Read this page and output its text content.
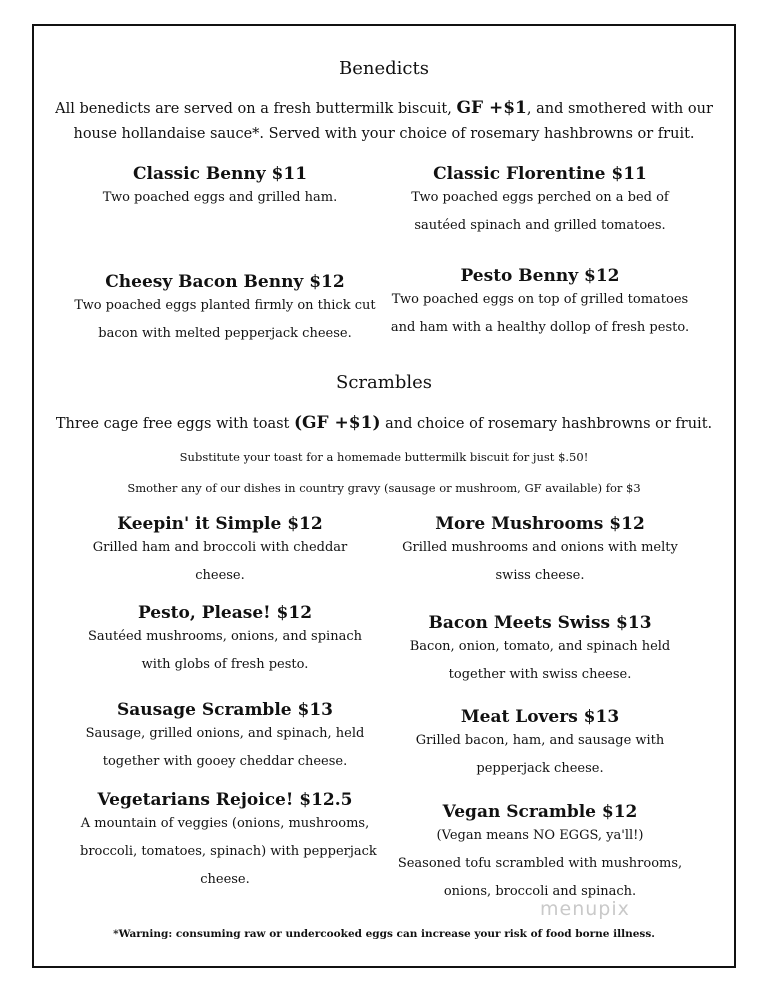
Benedicts
All benedicts are served on a fresh buttermilk biscuit, GF +$1, and smothered with our
house hollandaise sauce*. Served with your choice of rosemary hashbrowns or fruit.
Classic Benny $11
Two poached eggs and grilled ham.
Classic Florentine $11
Two poached eggs perched on a bed of
sautéed spinach and grilled tomatoes.
Cheesy Bacon Benny $12
Two poached eggs planted firmly on thick cut
bacon with melted pepperjack cheese.
Pesto Benny $12
Two poached eggs on top of grilled tomatoes
and ham with a healthy dollop of fresh pesto.
Scrambles
Three cage free eggs with toast (GF +$1) and choice of rosemary hashbrowns or fruit.
Substitute your toast for a homemade buttermilk biscuit for just $.50!
Smother any of our dishes in country gravy (sausage or mushroom, GF available) for $3
Keepin' it Simple $12
Grilled ham and broccoli with cheddar
cheese.
More Mushrooms $12
Grilled mushrooms and onions with melty
swiss cheese.
Pesto, Please! $12
Sautéed mushrooms, onions, and spinach
with globs of fresh pesto.
Bacon Meets Swiss $13
Bacon, onion, tomato, and spinach held
together with swiss cheese.
Sausage Scramble $13
Sausage, grilled onions, and spinach, held
together with gooey cheddar cheese.
Meat Lovers $13
Grilled bacon, ham, and sausage with
pepperjack cheese.
Vegetarians Rejoice! $12.5
A mountain of veggies (onions, mushrooms,
broccoli, tomatoes, spinach) with pepperjack
cheese.
Vegan Scramble $12
(Vegan means NO EGGS, ya'll!)
Seasoned tofu scrambled with mushrooms,
onions, broccoli and spinach.
menupix
*Warning: consuming raw or undercooked eggs can increase your risk of food borne illness.
